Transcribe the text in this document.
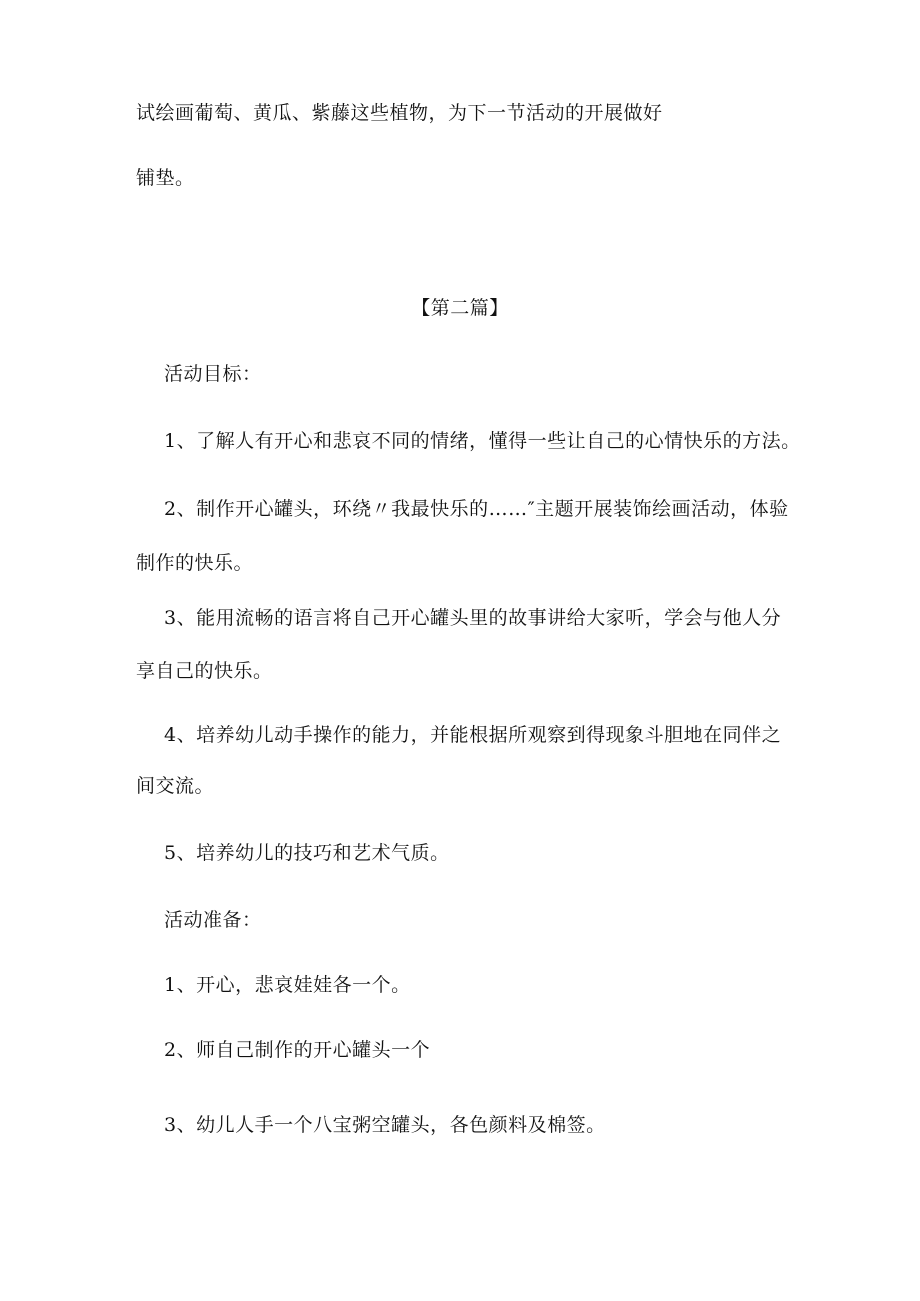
试绘画葡萄、黄瓜、紫藤这些植物，为下一节活动的开展做好
铺垫。
【第二篇】
活动目标：
1、了解人有开心和悲哀不同的情绪，懂得一些让自己的心情快乐的方法。
2、制作开心罐头，环绕〃我最快乐的……″主题开展装饰绘画活动，体验
制作的快乐。
3、能用流畅的语言将自己开心罐头里的故事讲给大家听，学会与他人分
享自己的快乐。
4、培养幼儿动手操作的能力，并能根据所观察到得现象斗胆地在同伴之
间交流。
5、培养幼儿的技巧和艺术气质。
活动准备：
1、开心，悲哀娃娃各一个。
2、师自己制作的开心罐头一个
3、幼儿人手一个八宝粥空罐头，各色颜料及棉签。
